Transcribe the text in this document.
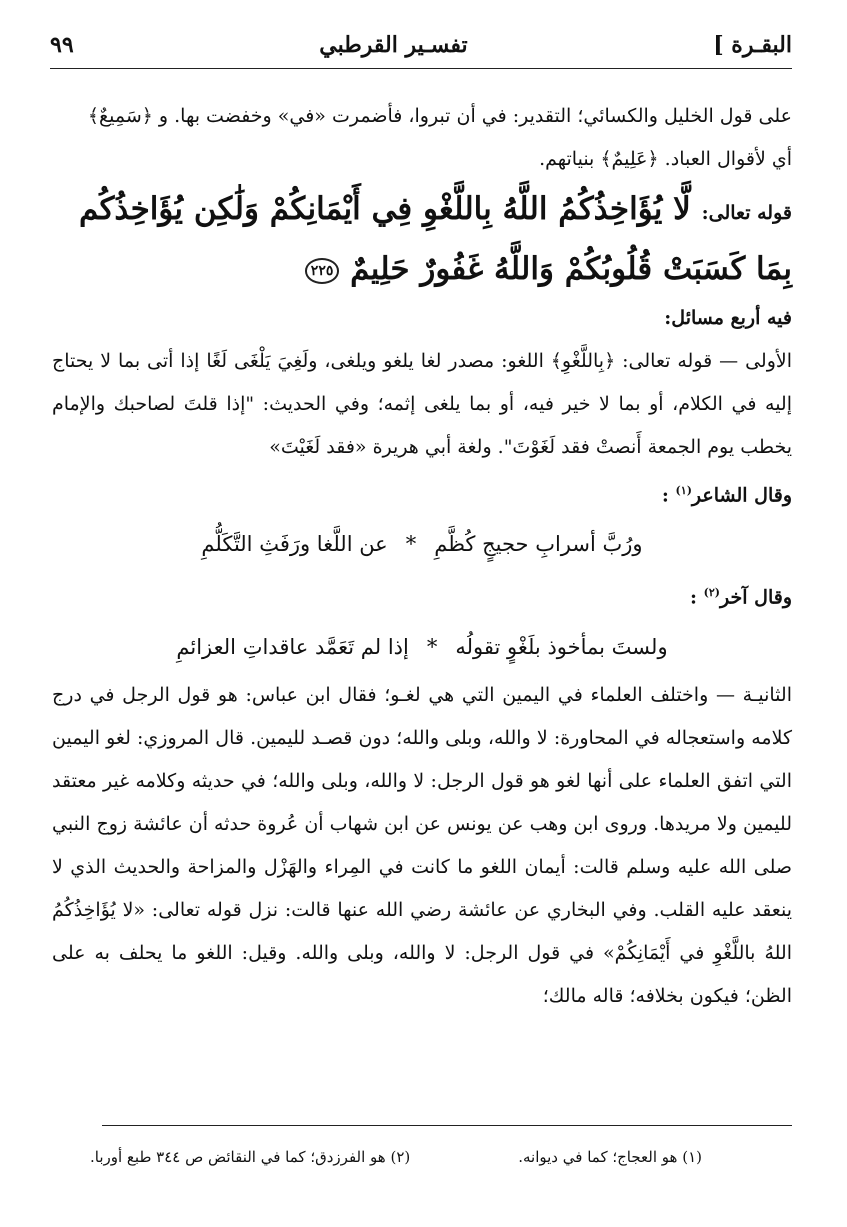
البقـرة ]
تفسـير القرطبي
٩٩

على قول الخليل والكسائي؛ التقدير: في أن تبروا، فأضمرت «في» وخفضت بها. و ﴿سَمِيعٌ﴾

أي لأقوال العباد. ﴿عَلِيمٌ﴾ بنياتهم.

قوله تعالى: لَّا يُؤَاخِذُكُمُ اللَّهُ بِاللَّغْوِ فِي أَيْمَانِكُمْ وَلَٰكِن يُؤَاخِذُكُم

بِمَا كَسَبَتْ قُلُوبُكُمْ وَاللَّهُ غَفُورٌ حَلِيمٌ ٢٢٥

فيه أربع مسائل:

الأولى — قوله تعالى: ﴿بِاللَّغْوِ﴾ اللغو: مصدر لغا يلغو ويلغى، ولَغِيَ يَلْغَى لَغًا إذا أتى بما لا يحتاج إليه في الكلام، أو بما لا خير فيه، أو بما يلغى إثمه؛ وفي الحديث: "إذا قلتَ لصاحبك والإمام يخطب يوم الجمعة أَنصتْ فقد لَغَوْتَ". ولغة أبي هريرة «فقد لَغَيْتَ»

وقال الشاعر$^{(١)}$ :

ورُبَّ أسرابِ حجيجٍ كُظَّمِ*عن اللَّغا ورَفَثِ التَّكَلُّمِ

وقال آخر$^{(٢)}$ :

ولستَ بمأخوذ بلَغْوٍ تقولُه*إذا لم تَعَمَّد عاقداتِ العزائمِ

الثانيـة — واختلف العلماء في اليمين التي هي لغـو؛ فقال ابن عباس: هو قول الرجل في درج كلامه واستعجاله في المحاورة: لا والله، وبلى والله؛ دون قصـد لليمين. قال المروزي: لغو اليمين التي اتفق العلماء على أنها لغو هو قول الرجل: لا والله، وبلى والله؛ في حديثه وكلامه غير معتقد لليمين ولا مريدها. وروى ابن وهب عن يونس عن ابن شهاب أن عُروة حدثه أن عائشة زوج النبي صلى الله عليه وسلم قالت: أيمان اللغو ما كانت في المِراء والهَزْل والمزاحة والحديث الذي لا ينعقد عليه القلب. وفي البخاري عن عائشة رضي الله عنها قالت: نزل قوله تعالى: «لا يُؤَاخِذُكُمُ اللهُ باللَّغْوِ في أَيْمَانِكُمْ» في قول الرجل: لا والله، وبلى والله. وقيل: اللغو ما يحلف به على الظن؛ فيكون بخلافه؛ قاله مالك؛

(١) هو العجاج؛ كما في ديوانه.
(٢) هو الفرزدق؛ كما في النقائض ص ٣٤٤ طبع أوربا.
